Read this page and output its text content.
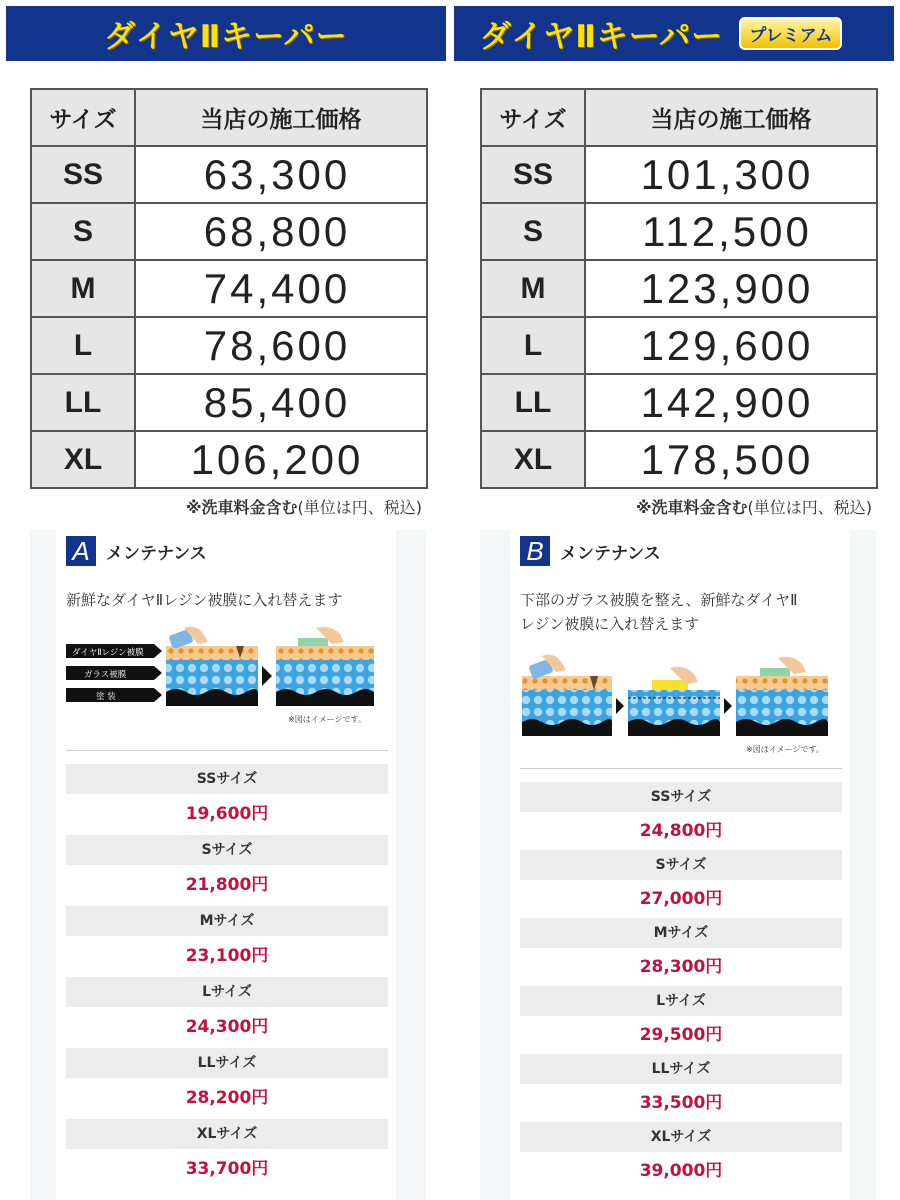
ダイヤⅡキーパー
サイズ	当店の施工価格
SS	63,300
S	68,800
M	74,400
L	78,600
LL	85,400
XL	106,200
※洗車料金含む(単位は円、税込)
A メンテナンス
新鮮なダイヤⅡレジン被膜に入れ替えます
ダイヤⅡレジン被膜
ガラス被膜
塗 装
※図はイメージです。
SSサイズ
19,600円
Sサイズ
21,800円
Mサイズ
23,100円
Lサイズ
24,300円
LLサイズ
28,200円
XLサイズ
33,700円
ダイヤⅡキーパー	プレミアム
サイズ	当店の施工価格
SS	101,300
S	112,500
M	123,900
L	129,600
LL	142,900
XL	178,500
※洗車料金含む(単位は円、税込)
B メンテナンス
下部のガラス被膜を整え、新鮮なダイヤⅡ
レジン被膜に入れ替えます
※図はイメージです。
SSサイズ
24,800円
Sサイズ
27,000円
Mサイズ
28,300円
Lサイズ
29,500円
LLサイズ
33,500円
XLサイズ
39,000円
